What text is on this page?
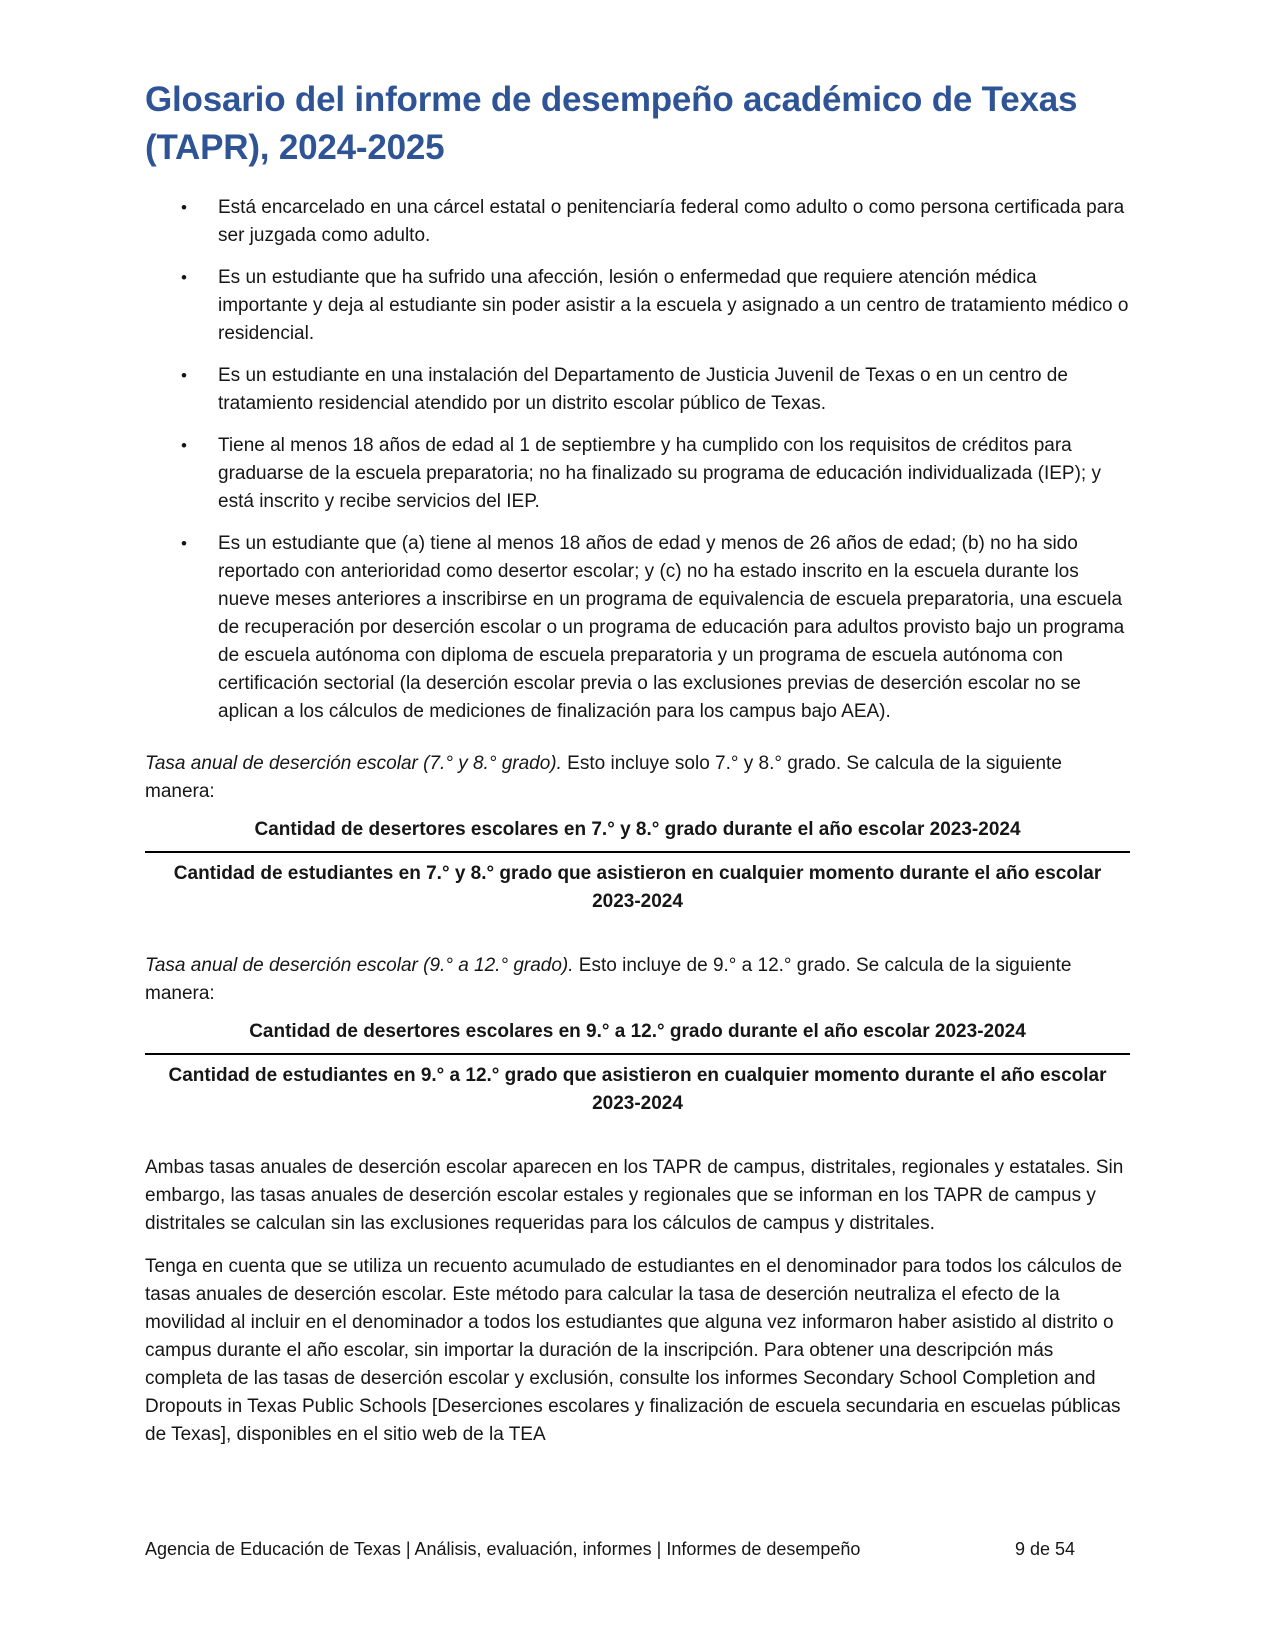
Glosario del informe de desempeño académico de Texas (TAPR), 2024-2025
• Está encarcelado en una cárcel estatal o penitenciaría federal como adulto o como persona certificada para ser juzgada como adulto.
• Es un estudiante que ha sufrido una afección, lesión o enfermedad que requiere atención médica importante y deja al estudiante sin poder asistir a la escuela y asignado a un centro de tratamiento médico o residencial.
• Es un estudiante en una instalación del Departamento de Justicia Juvenil de Texas o en un centro de tratamiento residencial atendido por un distrito escolar público de Texas.
• Tiene al menos 18 años de edad al 1 de septiembre y ha cumplido con los requisitos de créditos para graduarse de la escuela preparatoria; no ha finalizado su programa de educación individualizada (IEP); y está inscrito y recibe servicios del IEP.
• Es un estudiante que (a) tiene al menos 18 años de edad y menos de 26 años de edad; (b) no ha sido reportado con anterioridad como desertor escolar; y (c) no ha estado inscrito en la escuela durante los nueve meses anteriores a inscribirse en un programa de equivalencia de escuela preparatoria, una escuela de recuperación por deserción escolar o un programa de educación para adultos provisto bajo un programa de escuela autónoma con diploma de escuela preparatoria y un programa de escuela autónoma con certificación sectorial (la deserción escolar previa o las exclusiones previas de deserción escolar no se aplican a los cálculos de mediciones de finalización para los campus bajo AEA).

Tasa anual de deserción escolar (7.° y 8.° grado). Esto incluye solo 7.° y 8.° grado. Se calcula de la siguiente manera:

Cantidad de desertores escolares en 7.° y 8.° grado durante el año escolar 2023-2024
Cantidad de estudiantes en 7.° y 8.° grado que asistieron en cualquier momento durante el año escolar 2023-2024

Tasa anual de deserción escolar (9.° a 12.° grado). Esto incluye de 9.° a 12.° grado. Se calcula de la siguiente manera:

Cantidad de desertores escolares en 9.° a 12.° grado durante el año escolar 2023-2024
Cantidad de estudiantes en 9.° a 12.° grado que asistieron en cualquier momento durante el año escolar 2023-2024

Ambas tasas anuales de deserción escolar aparecen en los TAPR de campus, distritales, regionales y estatales. Sin embargo, las tasas anuales de deserción escolar estales y regionales que se informan en los TAPR de campus y distritales se calculan sin las exclusiones requeridas para los cálculos de campus y distritales.

Tenga en cuenta que se utiliza un recuento acumulado de estudiantes en el denominador para todos los cálculos de tasas anuales de deserción escolar. Este método para calcular la tasa de deserción neutraliza el efecto de la movilidad al incluir en el denominador a todos los estudiantes que alguna vez informaron haber asistido al distrito o campus durante el año escolar, sin importar la duración de la inscripción. Para obtener una descripción más completa de las tasas de deserción escolar y exclusión, consulte los informes Secondary School Completion and Dropouts in Texas Public Schools [Deserciones escolares y finalización de escuela secundaria en escuelas públicas de Texas], disponibles en el sitio web de la TEA

Agencia de Educación de Texas | Análisis, evaluación, informes | Informes de desempeño	9 de 54
